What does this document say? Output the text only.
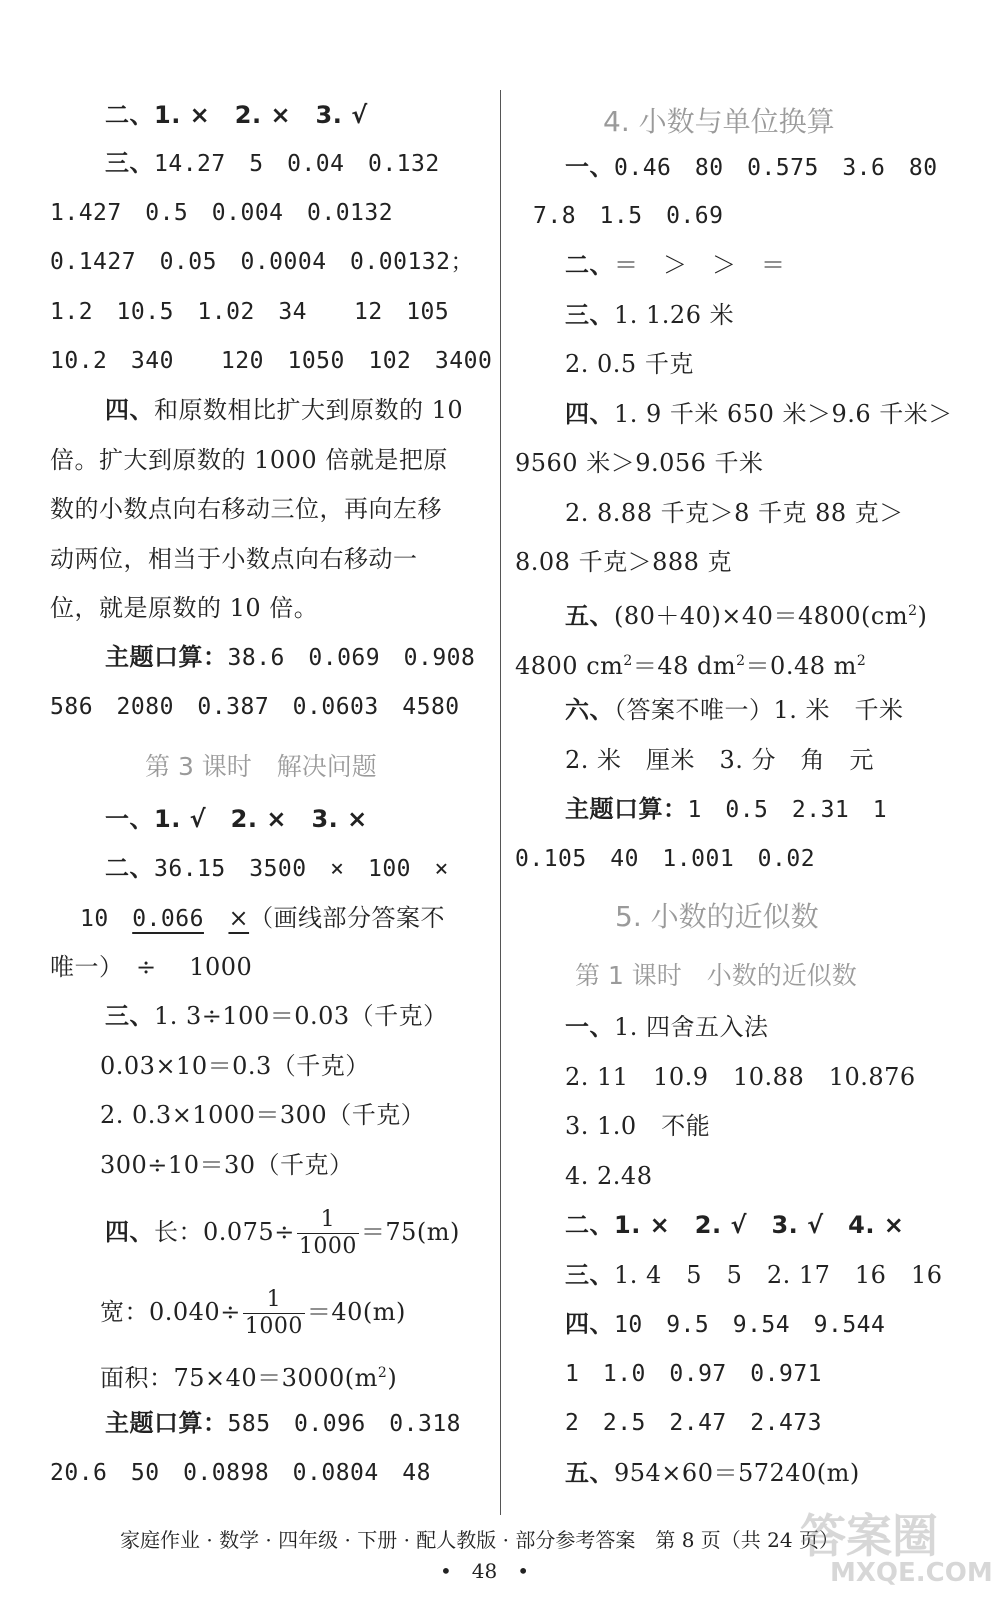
二、1. ×　2. ×　3. √
三、14.27　5　0.04　0.132
1.427　0.5　0.004　0.0132
0.1427　0.05　0.0004　0.00132；
1.2　10.5　1.02　34　　12　105
10.2　340　　120　1050　102　3400
四、和原数相比扩大到原数的 10
倍。扩大到原数的 1000 倍就是把原
数的小数点向右移动三位，再向左移
动两位，相当于小数点向右移动一
位，就是原数的 10 倍。
主题口算：38.6　0.069　0.908
586　2080　0.387　0.0603　4580
第 3 课时　解决问题
一、1. √　2. ×　3. ×
二、36.15　3500　×　100　×
10　0.066　 ×（画线部分答案不
唯一）　÷　 1000
三、1. 3÷100＝0.03（千克）
0.03×10＝0.3（千克）
2. 0.3×1000＝300（千克）
300÷10＝30（千克）
四、长：$0.075\div \frac{1}{1000} =75(m)$
宽：$0.040\div \frac{1}{1000} =40(m)$
面积：$75\times 40=3000(m^2)$
主题口算：585　0.096　0.318
20.6　50　0.0898　0.0804　48
4. 小数与单位换算
一、0.46　80　0.575　3.6　80
7.8　1.5　0.69
二、＝　＞　＞　＝
三、1. 1.26 米
2. 0.5 千克
四、1. 9 千米 650 米＞9.6 千米＞
9560 米＞9.056 千米
2. 8.88 千克＞8 千克 88 克＞
8.08 千克＞888 克
五、$(80+40)\times 40=4800(cm^2)$
4800 $cm^2=48$ $dm^2=0.48$ $m^2$
六、（答案不唯一）1. 米　千米
2. 米　厘米　3. 分　角　元
主题口算：1　0.5　2.31　1
0.105　40　1.001　0.02
5. 小数的近似数
第 1 课时　小数的近似数
一、1. 四舍五入法
2. 11　10.9　10.88　10.876
3. 1.0　不能
4. 2.48
二、1. ×　2. √　3. √　4. ×
三、1. 4　5　5　2. 17　16　16
四、10　9.5　9.54　9.544
1　1.0　0.97　0.971
2　2.5　2.47　2.473
五、954×60＝57240(m)
家庭作业 · 数学 · 四年级 · 下册 · 配人教版 · 部分参考答案　第 8 页（共 24 页）
•　48　•
答案圈
MXQE.COM
